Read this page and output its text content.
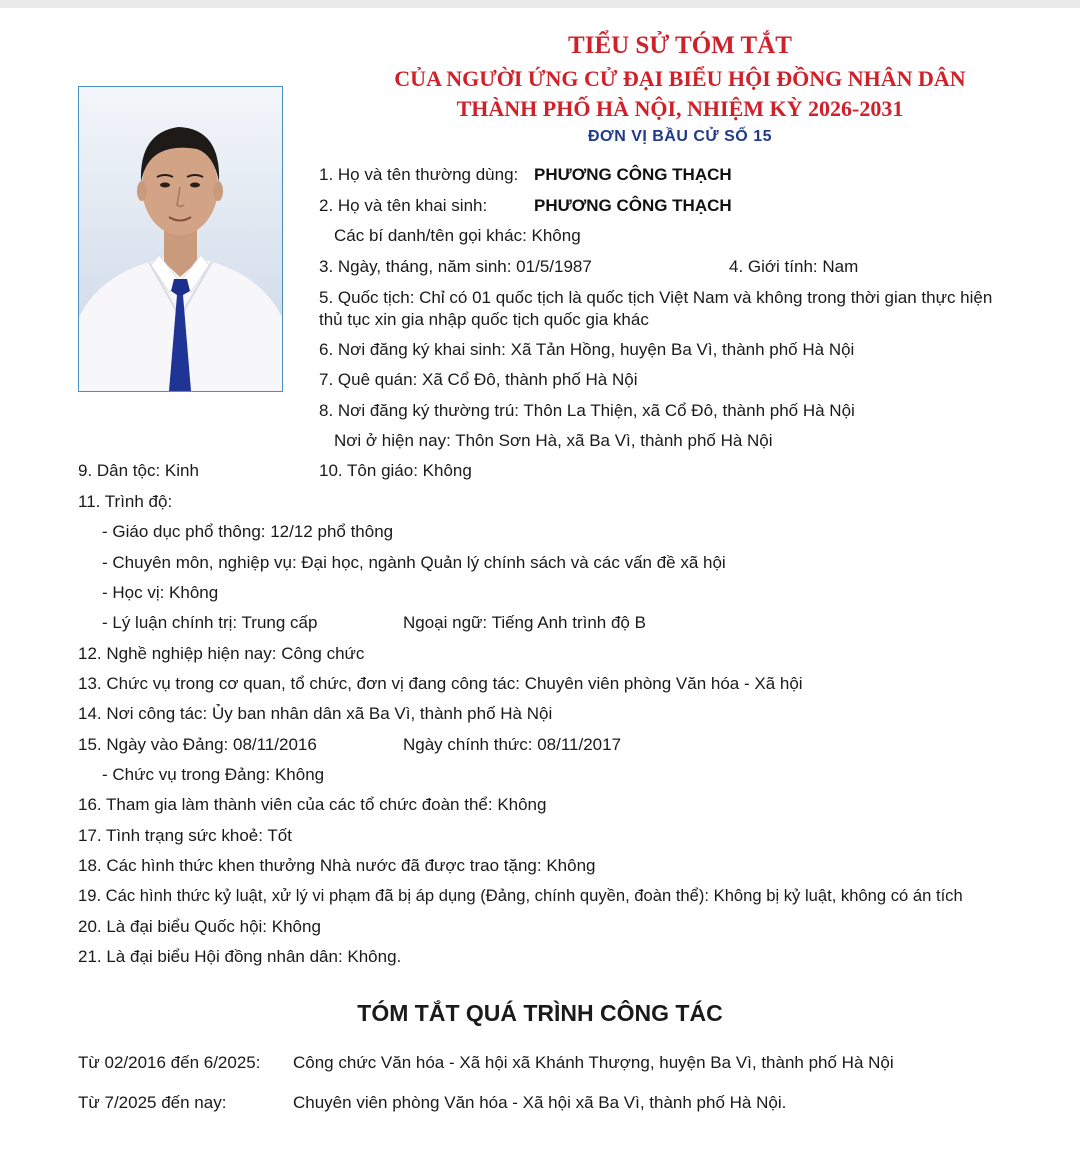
TIỂU SỬ TÓM TẮT
CỦA NGƯỜI ỨNG CỬ ĐẠI BIỂU HỘI ĐỒNG NHÂN DÂN
THÀNH PHỐ HÀ NỘI, NHIỆM KỲ 2026-2031
ĐƠN VỊ BẦU CỬ SỐ 15
1. Họ và tên thường dùng: PHƯƠNG CÔNG THẠCH
2. Họ và tên khai sinh:	PHƯƠNG CÔNG THẠCH
Các bí danh/tên gọi khác: Không
3. Ngày, tháng, năm sinh: 01/5/1987	4. Giới tính: Nam
5. Quốc tịch: Chỉ có 01 quốc tịch là quốc tịch Việt Nam và không trong thời gian thực hiện thủ tục xin gia nhập quốc tịch quốc gia khác
6. Nơi đăng ký khai sinh: Xã Tản Hồng, huyện Ba Vì, thành phố Hà Nội
7. Quê quán: Xã Cổ Đô, thành phố Hà Nội
8. Nơi đăng ký thường trú: Thôn La Thiện, xã Cổ Đô, thành phố Hà Nội
Nơi ở hiện nay: Thôn Sơn Hà, xã Ba Vì, thành phố Hà Nội
9. Dân tộc: Kinh	10. Tôn giáo: Không
11. Trình độ:
- Giáo dục phổ thông: 12/12 phổ thông
- Chuyên môn, nghiệp vụ: Đại học, ngành Quản lý chính sách và các vấn đề xã hội
- Học vị: Không
- Lý luận chính trị: Trung cấp	Ngoại ngữ: Tiếng Anh trình độ B
12. Nghề nghiệp hiện nay: Công chức
13. Chức vụ trong cơ quan, tổ chức, đơn vị đang công tác: Chuyên viên phòng Văn hóa - Xã hội
14. Nơi công tác: Ủy ban nhân dân xã Ba Vì, thành phố Hà Nội
15. Ngày vào Đảng: 08/11/2016	Ngày chính thức: 08/11/2017
- Chức vụ trong Đảng: Không
16. Tham gia làm thành viên của các tổ chức đoàn thể: Không
17. Tình trạng sức khoẻ: Tốt
18. Các hình thức khen thưởng Nhà nước đã được trao tặng: Không
19. Các hình thức kỷ luật, xử lý vi phạm đã bị áp dụng (Đảng, chính quyền, đoàn thể): Không bị kỷ luật, không có án tích
20. Là đại biểu Quốc hội: Không
21. Là đại biểu Hội đồng nhân dân: Không.
TÓM TẮT QUÁ TRÌNH CÔNG TÁC
Từ 02/2016 đến 6/2025: Công chức Văn hóa - Xã hội xã Khánh Thượng, huyện Ba Vì, thành phố Hà Nội
Từ 7/2025 đến nay:	Chuyên viên phòng Văn hóa - Xã hội xã Ba Vì, thành phố Hà Nội.
